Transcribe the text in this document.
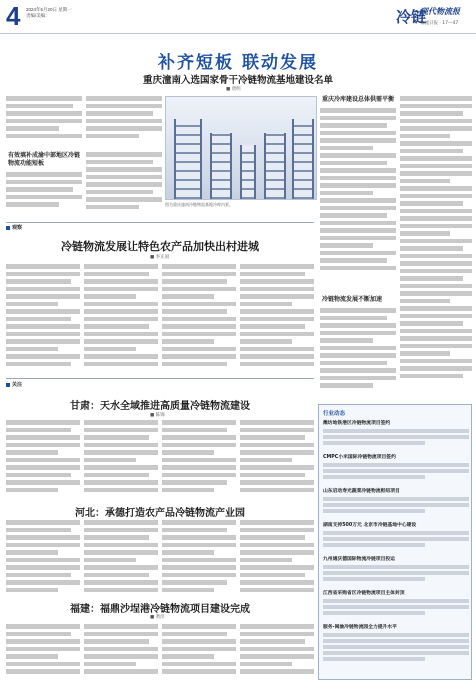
4 2024年5月20日 星期一
责编/美编：	冷链
现代物流报
物流日报 · 17—47
补齐短板 联动发展
重庆潼南入选国家骨干冷链物流基地建设名单
■ 唐明
有效填补成渝中部地区冷链物流功能短板
图为重庆潼南冷链物流基地冷库内景。
重庆冷库建设总体供需平衡
冷链物流发展不断加速
观察
冷链物流发展让特色农产品加快出村进城
■ 李正国
关注
甘肃：天水全域推进高质量冷链物流建设
■ 陈锦
河北：承德打造农产品冷链物流产业园
福建：福鼎沙埕港冷链物流项目建设完成
■ 黄洋
行业动态
潍坊地铁港区冷链物流项目签约
CMPC小米国际冷链物流项目签约
山东启动寿光蔬菜冷链物流枢纽项目
湖南支持500万元 北京市冷链基地中心建设
九州通沃德国际物流冷链项目投运
江西省采购省区冷链物流项目主体封顶
服务-闽渝冷链物流园全力提升水平
